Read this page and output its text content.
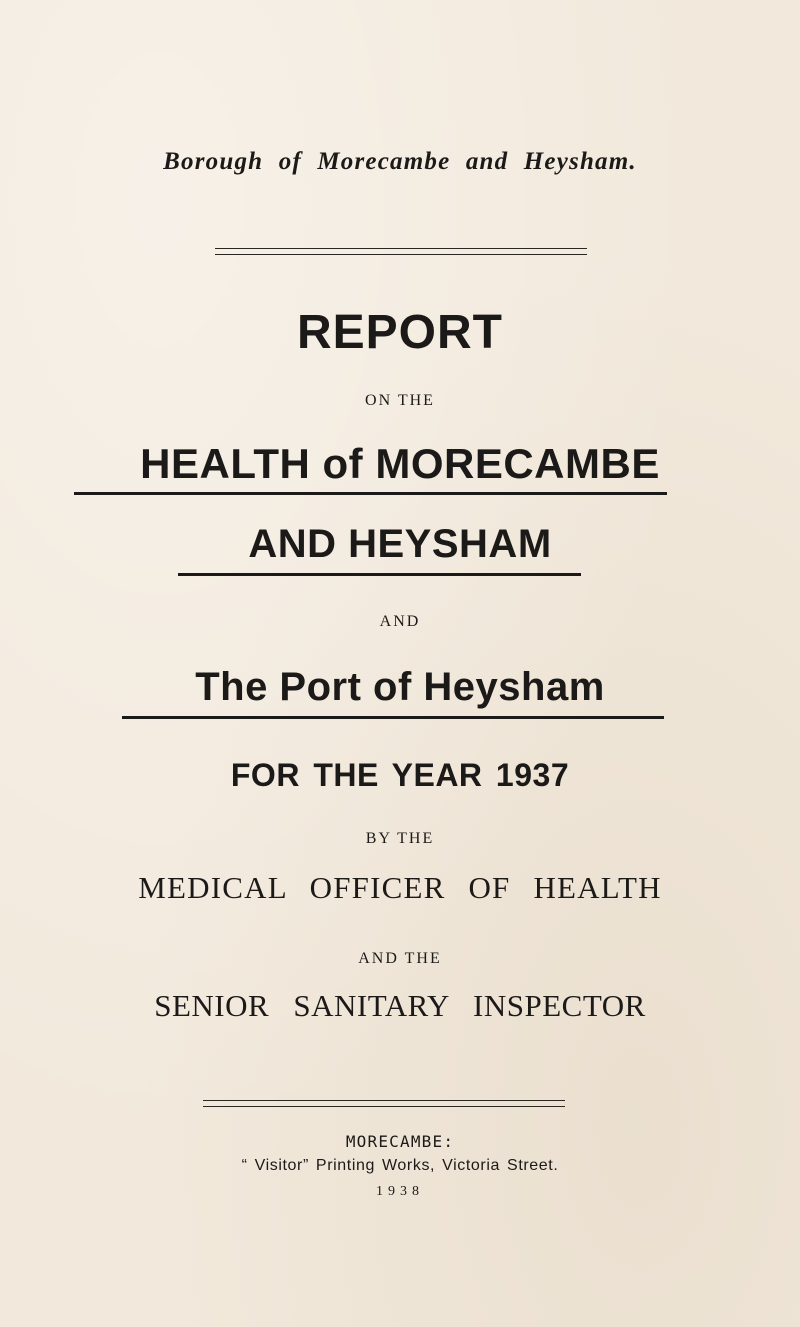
Borough of Morecambe and Heysham.
REPORT
ON THE
HEALTH of MORECAMBE
AND HEYSHAM
AND
The Port of Heysham
FOR THE YEAR 1937
BY THE
MEDICAL OFFICER OF HEALTH
AND THE
SENIOR SANITARY INSPECTOR
MORECAMBE:
“ Visitor” Printing Works, Victoria Street.
1938
